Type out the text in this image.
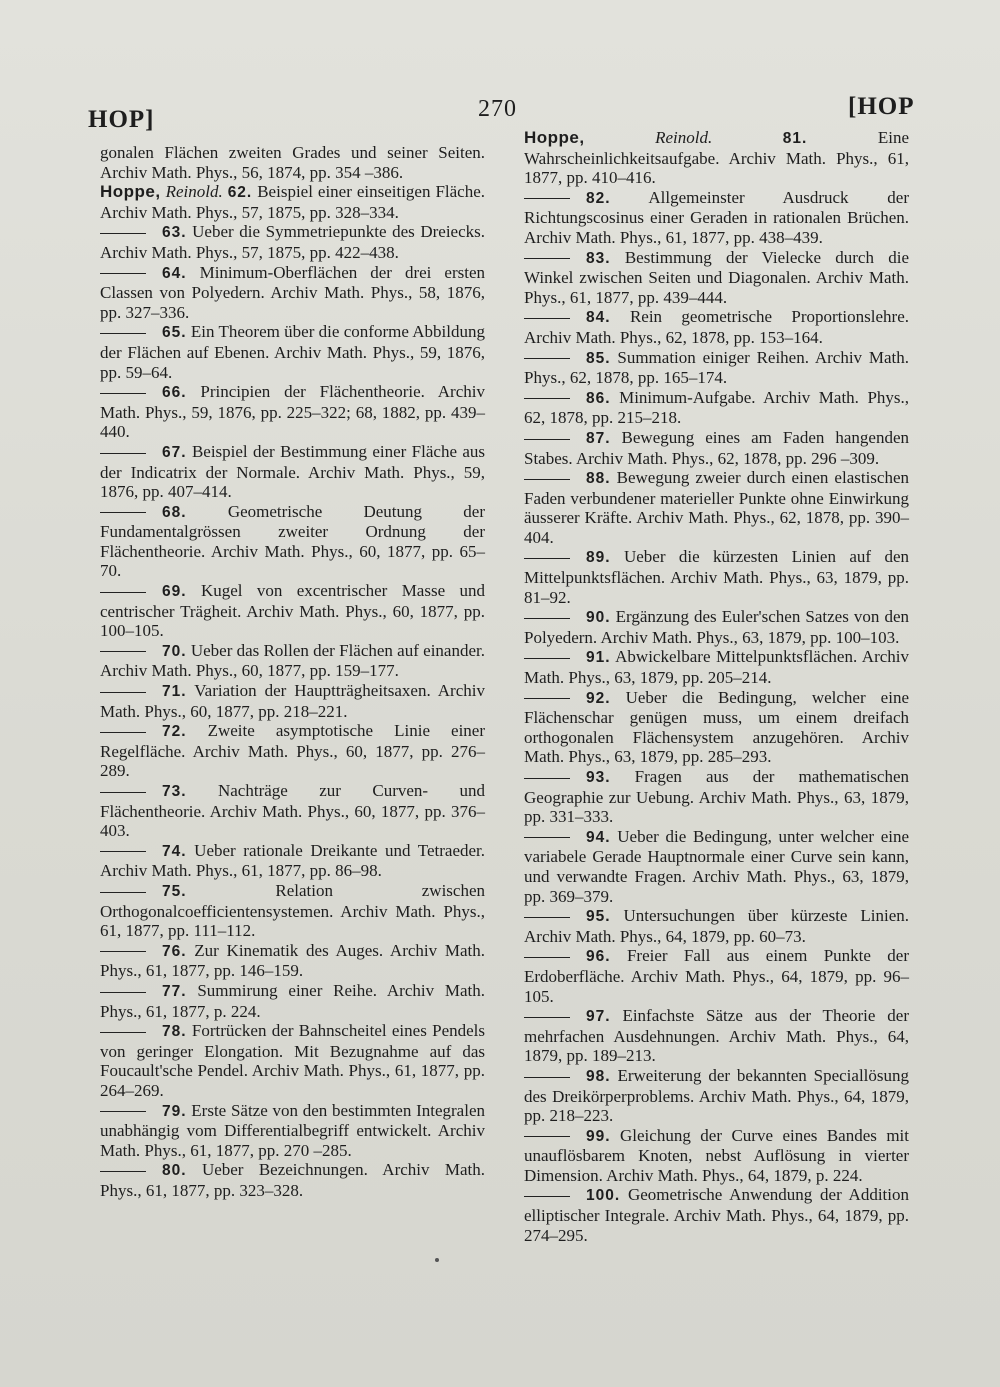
HOP]	270	[HOP

gonalen Flächen zweiten Grades und seiner Seiten. Archiv Math. Phys., 56, 1874, pp. 354 –386.

Hoppe, Reinold. 62. Beispiel einer einseitigen Fläche. Archiv Math. Phys., 57, 1875, pp. 328–334.

63. Ueber die Symmetriepunkte des Dreiecks. Archiv Math. Phys., 57, 1875, pp. 422–438.

64. Minimum-Oberflächen der drei ersten Classen von Polyedern. Archiv Math. Phys., 58, 1876, pp. 327–336.

65. Ein Theorem über die conforme Abbildung der Flächen auf Ebenen. Archiv Math. Phys., 59, 1876, pp. 59–64.

66. Principien der Flächentheorie. Archiv Math. Phys., 59, 1876, pp. 225–322; 68, 1882, pp. 439–440.

67. Beispiel der Bestimmung einer Fläche aus der Indicatrix der Normale. Archiv Math. Phys., 59, 1876, pp. 407–414.

68. Geometrische Deutung der Fundamentalgrössen zweiter Ordnung der Flächentheorie. Archiv Math. Phys., 60, 1877, pp. 65–70.

69. Kugel von excentrischer Masse und centrischer Trägheit. Archiv Math. Phys., 60, 1877, pp. 100–105.

70. Ueber das Rollen der Flächen auf einander. Archiv Math. Phys., 60, 1877, pp. 159–177.

71. Variation der Hauptträgheitsaxen. Archiv Math. Phys., 60, 1877, pp. 218–221.

72. Zweite asymptotische Linie einer Regelfläche. Archiv Math. Phys., 60, 1877, pp. 276–289.

73. Nachträge zur Curven- und Flächentheorie. Archiv Math. Phys., 60, 1877, pp. 376–403.

74. Ueber rationale Dreikante und Tetraeder. Archiv Math. Phys., 61, 1877, pp. 86–98.

75.	Relation zwischen Orthogonalcoefficientensystemen. Archiv Math. Phys., 61, 1877, pp. 111–112.

76. Zur Kinematik des Auges. Archiv Math. Phys., 61, 1877, pp. 146–159.

77. Summirung einer Reihe. Archiv Math. Phys., 61, 1877, p. 224.

78. Fortrücken der Bahnscheitel eines Pendels von geringer Elongation. Mit Bezugnahme auf das Foucault'sche Pendel. Archiv Math. Phys., 61, 1877, pp. 264–269.

79. Erste Sätze von den bestimmten Integralen unabhängig vom Differentialbegriff entwickelt. Archiv Math. Phys., 61, 1877, pp. 270 –285.

80. Ueber Bezeichnungen. Archiv Math. Phys., 61, 1877, pp. 323–328.

Hoppe,	Reinold.	81.	Eine Wahrscheinlichkeitsaufgabe. Archiv Math. Phys., 61, 1877, pp. 410–416.

82. Allgemeinster Ausdruck der Richtungscosinus einer Geraden in rationalen Brüchen. Archiv Math. Phys., 61, 1877, pp. 438–439.

83. Bestimmung der Vielecke durch die Winkel zwischen Seiten und Diagonalen. Archiv Math. Phys., 61, 1877, pp. 439–444.

84. Rein geometrische Proportionslehre. Archiv Math. Phys., 62, 1878, pp. 153–164.

85. Summation einiger Reihen. Archiv Math. Phys., 62, 1878, pp. 165–174.

86. Minimum-Aufgabe. Archiv Math. Phys., 62, 1878, pp. 215–218.

87. Bewegung eines am Faden hangenden Stabes. Archiv Math. Phys., 62, 1878, pp. 296 –309.

88. Bewegung zweier durch einen elastischen Faden verbundener materieller Punkte ohne Einwirkung äusserer Kräfte. Archiv Math. Phys., 62, 1878, pp. 390–404.

89. Ueber die kürzesten Linien auf den Mittelpunktsflächen. Archiv Math. Phys., 63, 1879, pp. 81–92.

90. Ergänzung des Euler'schen Satzes von den Polyedern. Archiv Math. Phys., 63, 1879, pp. 100–103.

91. Abwickelbare Mittelpunktsflächen. Archiv Math. Phys., 63, 1879, pp. 205–214.

92. Ueber die Bedingung, welcher eine Flächenschar genügen muss, um einem dreifach orthogonalen Flächensystem anzugehören. Archiv Math. Phys., 63, 1879, pp. 285–293.

93. Fragen aus der mathematischen Geographie zur Uebung. Archiv Math. Phys., 63, 1879, pp. 331–333.

94. Ueber die Bedingung, unter welcher eine variabele Gerade Hauptnormale einer Curve sein kann, und verwandte Fragen. Archiv Math. Phys., 63, 1879, pp. 369–379.

95. Untersuchungen über kürzeste Linien. Archiv Math. Phys., 64, 1879, pp. 60–73.

96. Freier Fall aus einem Punkte der Erdoberfläche. Archiv Math. Phys., 64, 1879, pp. 96–105.

97. Einfachste Sätze aus der Theorie der mehrfachen Ausdehnungen. Archiv Math. Phys., 64, 1879, pp. 189–213.

98. Erweiterung der bekannten Speciallösung des Dreikörperproblems. Archiv Math. Phys., 64, 1879, pp. 218–223.

99. Gleichung der Curve eines Bandes mit unauflösbarem Knoten, nebst Auflösung in vierter Dimension. Archiv Math. Phys., 64, 1879, p. 224.

100. Geometrische Anwendung der Addition elliptischer Integrale. Archiv Math. Phys., 64, 1879, pp. 274–295.
